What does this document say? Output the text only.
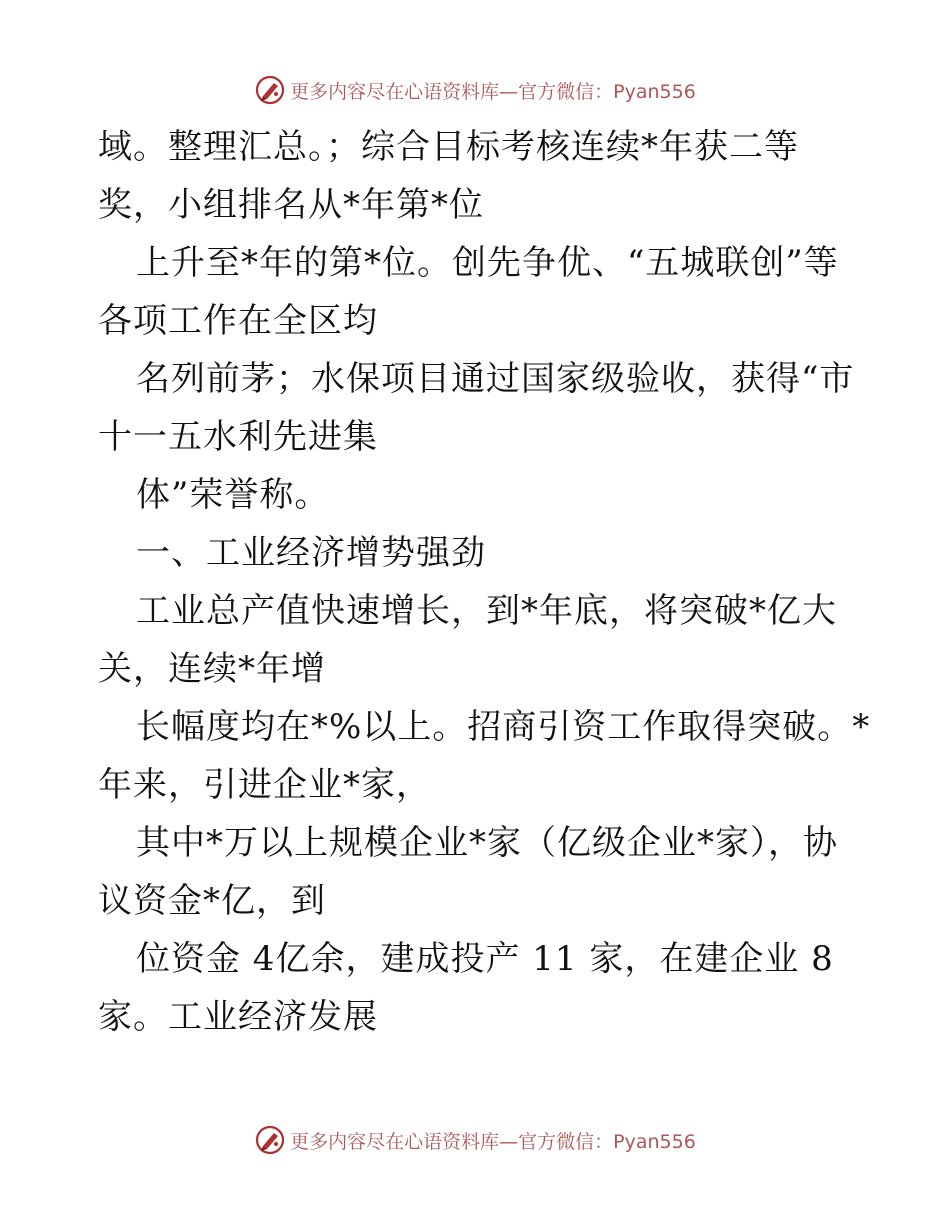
更多内容尽在心语资料库—官方微信：Pyan556
域。整理汇总。；综合目标考核连续*年获二等
奖，小组排名从*年第*位
上升至*年的第*位。创先争优、“五城联创”等
各项工作在全区均
名列前茅；水保项目通过国家级验收，获得“市
十一五水利先进集
体”荣誉称。
一、工业经济增势强劲
工业总产值快速增长，到*年底，将突破*亿大
关，连续*年增
长幅度均在*%以上。招商引资工作取得突破。*
年来，引进企业*家，
其中*万以上规模企业*家（亿级企业*家），协
议资金*亿，到
位资金 4亿余，建成投产 11 家，在建企业 8
家。工业经济发展
更多内容尽在心语资料库—官方微信：Pyan556
